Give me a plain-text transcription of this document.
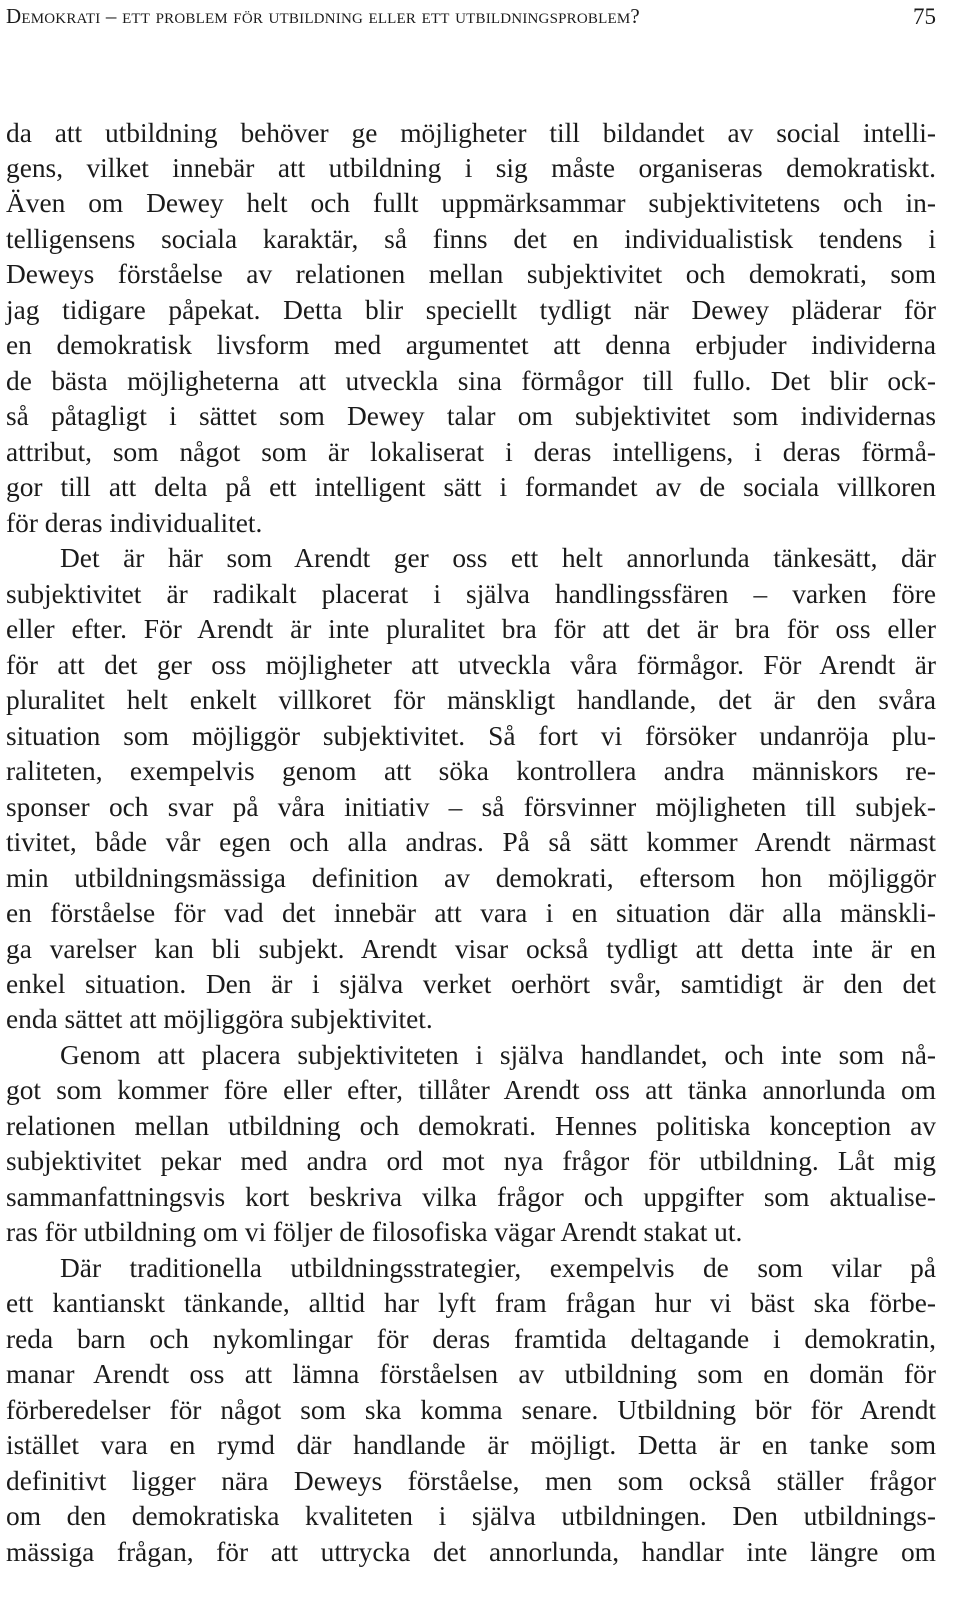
Demokrati – ett problem för utbildning eller ett utbildningsproblem?	75
da att utbildning behöver ge möjligheter till bildandet av social intelli-
gens, vilket innebär att utbildning i sig måste organiseras demokratiskt.
Även om Dewey helt och fullt uppmärksammar subjektivitetens och in-
telligensens sociala karaktär, så finns det en individualistisk tendens i
Deweys förståelse av relationen mellan subjektivitet och demokrati, som
jag tidigare påpekat. Detta blir speciellt tydligt när Dewey pläderar för
en demokratisk livsform med argumentet att denna erbjuder individerna
de bästa möjligheterna att utveckla sina förmågor till fullo. Det blir ock-
så påtagligt i sättet som Dewey talar om subjektivitet som individernas
attribut, som något som är lokaliserat i deras intelligens, i deras förmå-
gor till att delta på ett intelligent sätt i formandet av de sociala villkoren
för deras individualitet.
Det är här som Arendt ger oss ett helt annorlunda tänkesätt, där
subjektivitet är radikalt placerat i själva handlingssfären – varken före
eller efter. För Arendt är inte pluralitet bra för att det är bra för oss eller
för att det ger oss möjligheter att utveckla våra förmågor. För Arendt är
pluralitet helt enkelt villkoret för mänskligt handlande, det är den svåra
situation som möjliggör subjektivitet. Så fort vi försöker undanröja plu-
raliteten, exempelvis genom att söka kontrollera andra människors re-
sponser och svar på våra initiativ – så försvinner möjligheten till subjek-
tivitet, både vår egen och alla andras. På så sätt kommer Arendt närmast
min utbildningsmässiga definition av demokrati, eftersom hon möjliggör
en förståelse för vad det innebär att vara i en situation där alla mänskli-
ga varelser kan bli subjekt. Arendt visar också tydligt att detta inte är en
enkel situation. Den är i själva verket oerhört svår, samtidigt är den det
enda sättet att möjliggöra subjektivitet.
Genom att placera subjektiviteten i själva handlandet, och inte som nå-
got som kommer före eller efter, tillåter Arendt oss att tänka annorlunda om
relationen mellan utbildning och demokrati. Hennes politiska konception av
subjektivitet pekar med andra ord mot nya frågor för utbildning. Låt mig
sammanfattningsvis kort beskriva vilka frågor och uppgifter som aktualise-
ras för utbildning om vi följer de filosofiska vägar Arendt stakat ut.
Där traditionella utbildningsstrategier, exempelvis de som vilar på
ett kantianskt tänkande, alltid har lyft fram frågan hur vi bäst ska förbe-
reda barn och nykomlingar för deras framtida deltagande i demokratin,
manar Arendt oss att lämna förståelsen av utbildning som en domän för
förberedelser för något som ska komma senare. Utbildning bör för Arendt
istället vara en rymd där handlande är möjligt. Detta är en tanke som
definitivt ligger nära Deweys förståelse, men som också ställer frågor
om den demokratiska kvaliteten i själva utbildningen. Den utbildnings-
mässiga frågan, för att uttrycka det annorlunda, handlar inte längre om
